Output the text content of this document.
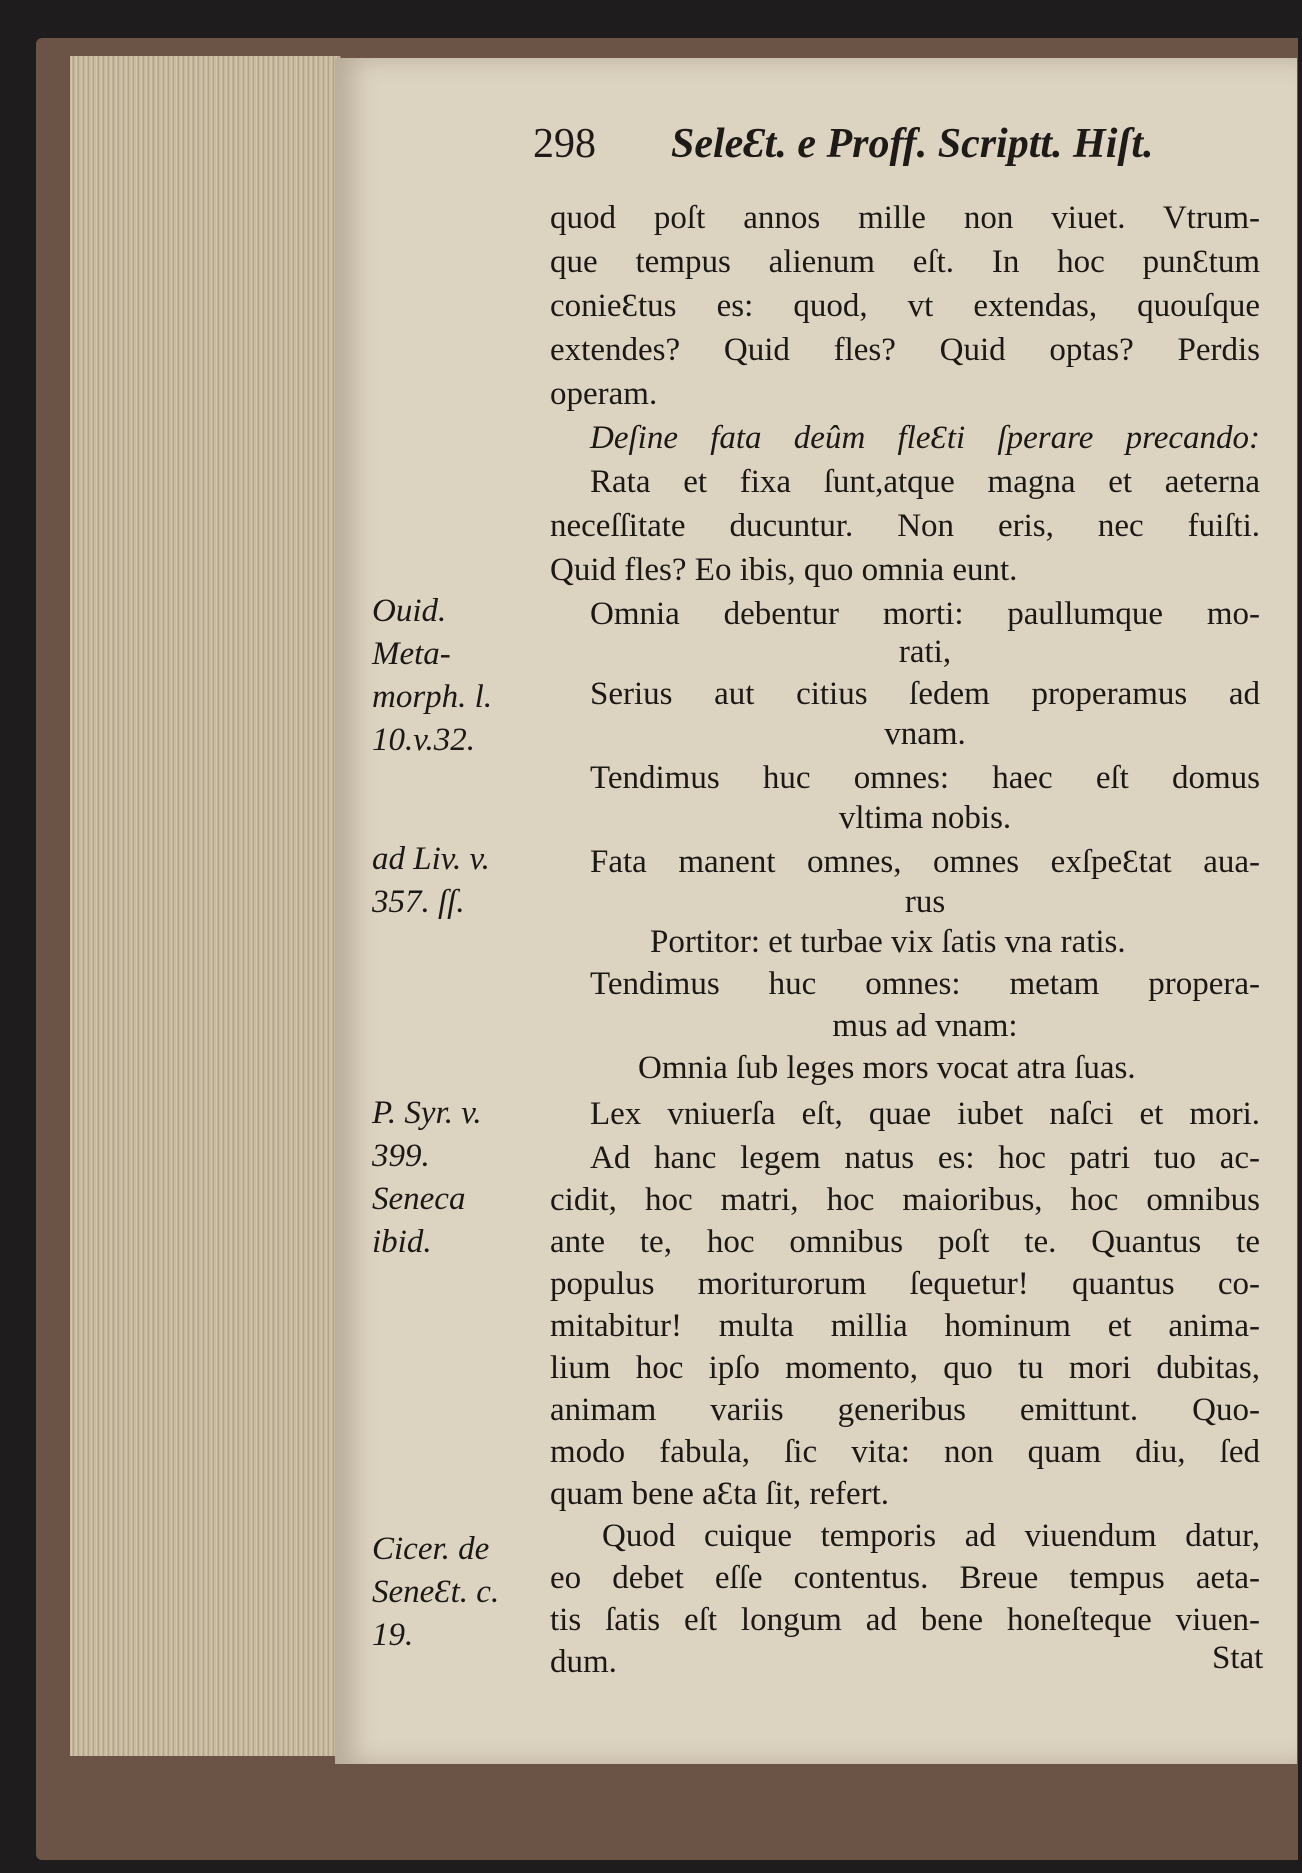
298 SeleƐt. e Proff. Scriptt. Hiſt.
quod poſt annos mille non viuet. Vtrum-
que tempus alienum eſt. In hoc punƐtum
conieƐtus es: quod, vt extendas, quouſque
extendes? Quid fles? Quid optas? Perdis
operam.
Deſine fata deûm fleƐti ſperare precando:
Rata et fixa ſunt,atque magna et aeterna
neceſſitate ducuntur. Non eris, nec fuiſti.
Quid fles? Eo ibis, quo omnia eunt.
Omnia debentur morti: paullumque mo-
rati,
Serius aut citius ſedem properamus ad
vnam.
Tendimus huc omnes: haec eſt domus
vltima nobis.
Fata manent omnes, omnes exſpeƐtat aua-
rus
Portitor: et turbae vix ſatis vna ratis.
Tendimus huc omnes: metam propera-
mus ad vnam:
Omnia ſub leges mors vocat atra ſuas.
Lex vniuerſa eſt, quae iubet naſci et mori.
Ad hanc legem natus es: hoc patri tuo ac-
cidit, hoc matri, hoc maioribus, hoc omnibus
ante te, hoc omnibus poſt te. Quantus te
populus moriturorum ſequetur! quantus co-
mitabitur! multa millia hominum et anima-
lium hoc ipſo momento, quo tu mori dubitas,
animam variis generibus emittunt. Quo-
modo fabula, ſic vita: non quam diu, ſed
quam bene aƐta ſit, refert.
Quod cuique temporis ad viuendum datur,
eo debet eſſe contentus. Breue tempus aeta-
tis ſatis eſt longum ad bene honeſteque viuen-
dum.	Stat
Ouid.
Meta-
morph. l.
10.v.32.
ad Liv. v.
357. ſſ.
P. Syr. v.
399.
Seneca
ibid.
Cicer. de
SeneƐt. c.
19.
